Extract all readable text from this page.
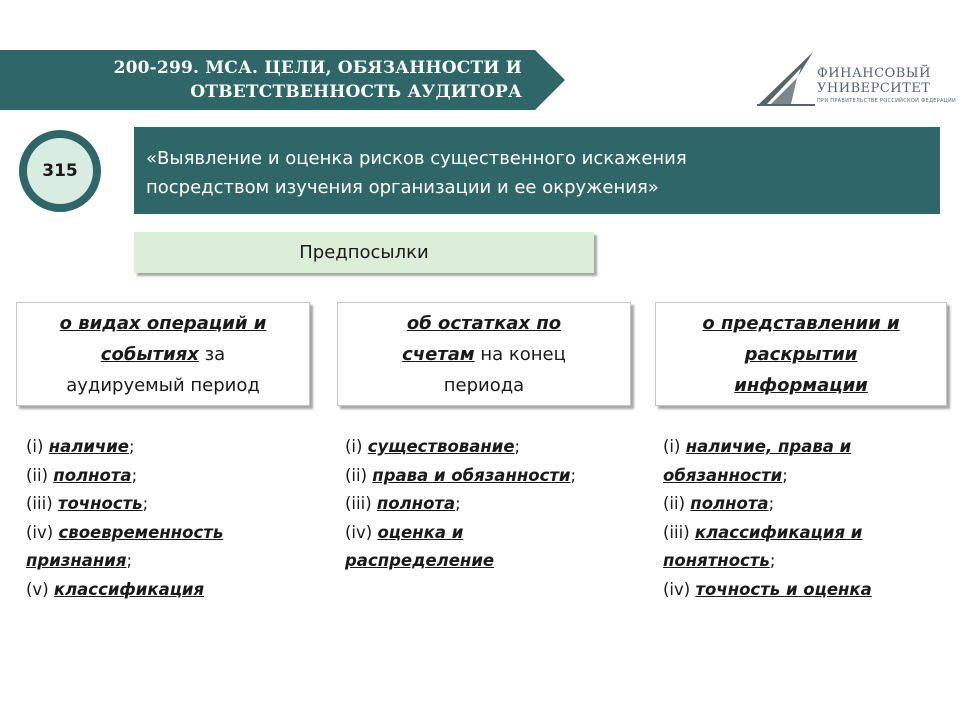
200-299. МСА. ЦЕЛИ, ОБЯЗАННОСТИ И
ОТВЕТСТВЕННОСТЬ АУДИТОРА
ФИНАНСОВЫЙ
УНИВЕРСИТЕТ
ПРИ ПРАВИТЕЛЬСТВЕ РОССИЙСКОЙ ФЕДЕРАЦИИ
315
«Выявление и оценка рисков существенного искажения
посредством изучения организации и ее окружения»
Предпосылки
о видах операций и
событиях за
аудируемый период
об остатках по
счетам на конец
периода
о представлении и
раскрытии
информации
(i) наличие;
(ii) полнота;
(iii) точность;
(iv) своевременность
признания;
(v) классификация
(i) существование;
(ii) права и обязанности;
(iii) полнота;
(iv) оценка и
распределение
(i) наличие, права и
обязанности;
(ii) полнота;
(iii) классификация и
понятность;
(iv) точность и оценка
